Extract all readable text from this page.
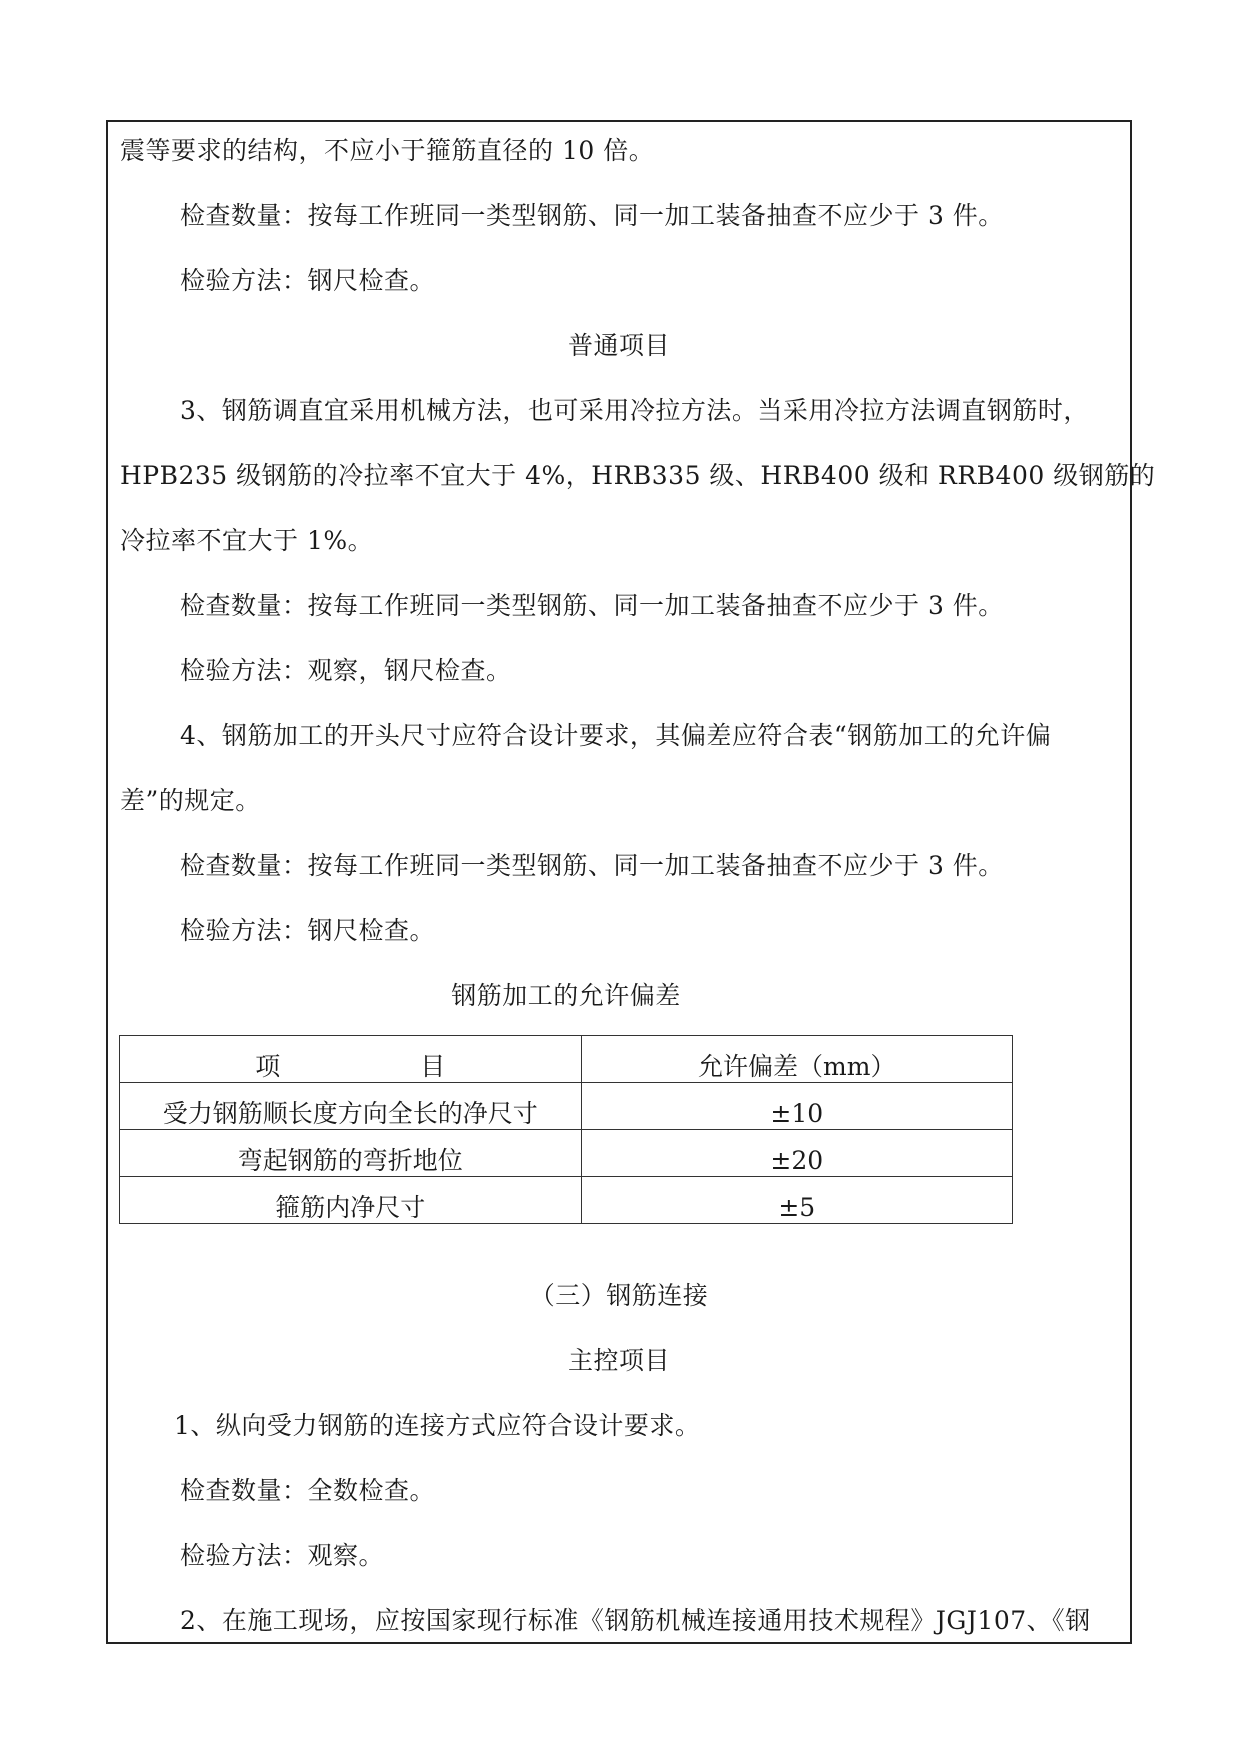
震等要求的结构，不应小于箍筋直径的 10 倍。
检查数量：按每工作班同一类型钢筋、同一加工装备抽查不应少于 3 件。
检验方法：钢尺检查。
普通项目
3、钢筋调直宜采用机械方法，也可采用冷拉方法。当采用冷拉方法调直钢筋时，
HPB235 级钢筋的冷拉率不宜大于 4%，HRB335 级、HRB400 级和 RRB400 级钢筋的
冷拉率不宜大于 1%。
检查数量：按每工作班同一类型钢筋、同一加工装备抽查不应少于 3 件。
检验方法：观察，钢尺检查。
4、钢筋加工的开头尺寸应符合设计要求，其偏差应符合表“钢筋加工的允许偏
差”的规定。
检查数量：按每工作班同一类型钢筋、同一加工装备抽查不应少于 3 件。
检验方法：钢尺检查。
钢筋加工的允许偏差
项 目	允许偏差（mm）
受力钢筋顺长度方向全长的净尺寸	±10
弯起钢筋的弯折地位	±20
箍筋内净尺寸	±5
（三）钢筋连接
主控项目
1、纵向受力钢筋的连接方式应符合设计要求。
检查数量：全数检查。
检验方法：观察。
2、在施工现场，应按国家现行标准《钢筋机械连接通用技术规程》JGJ107、《钢
